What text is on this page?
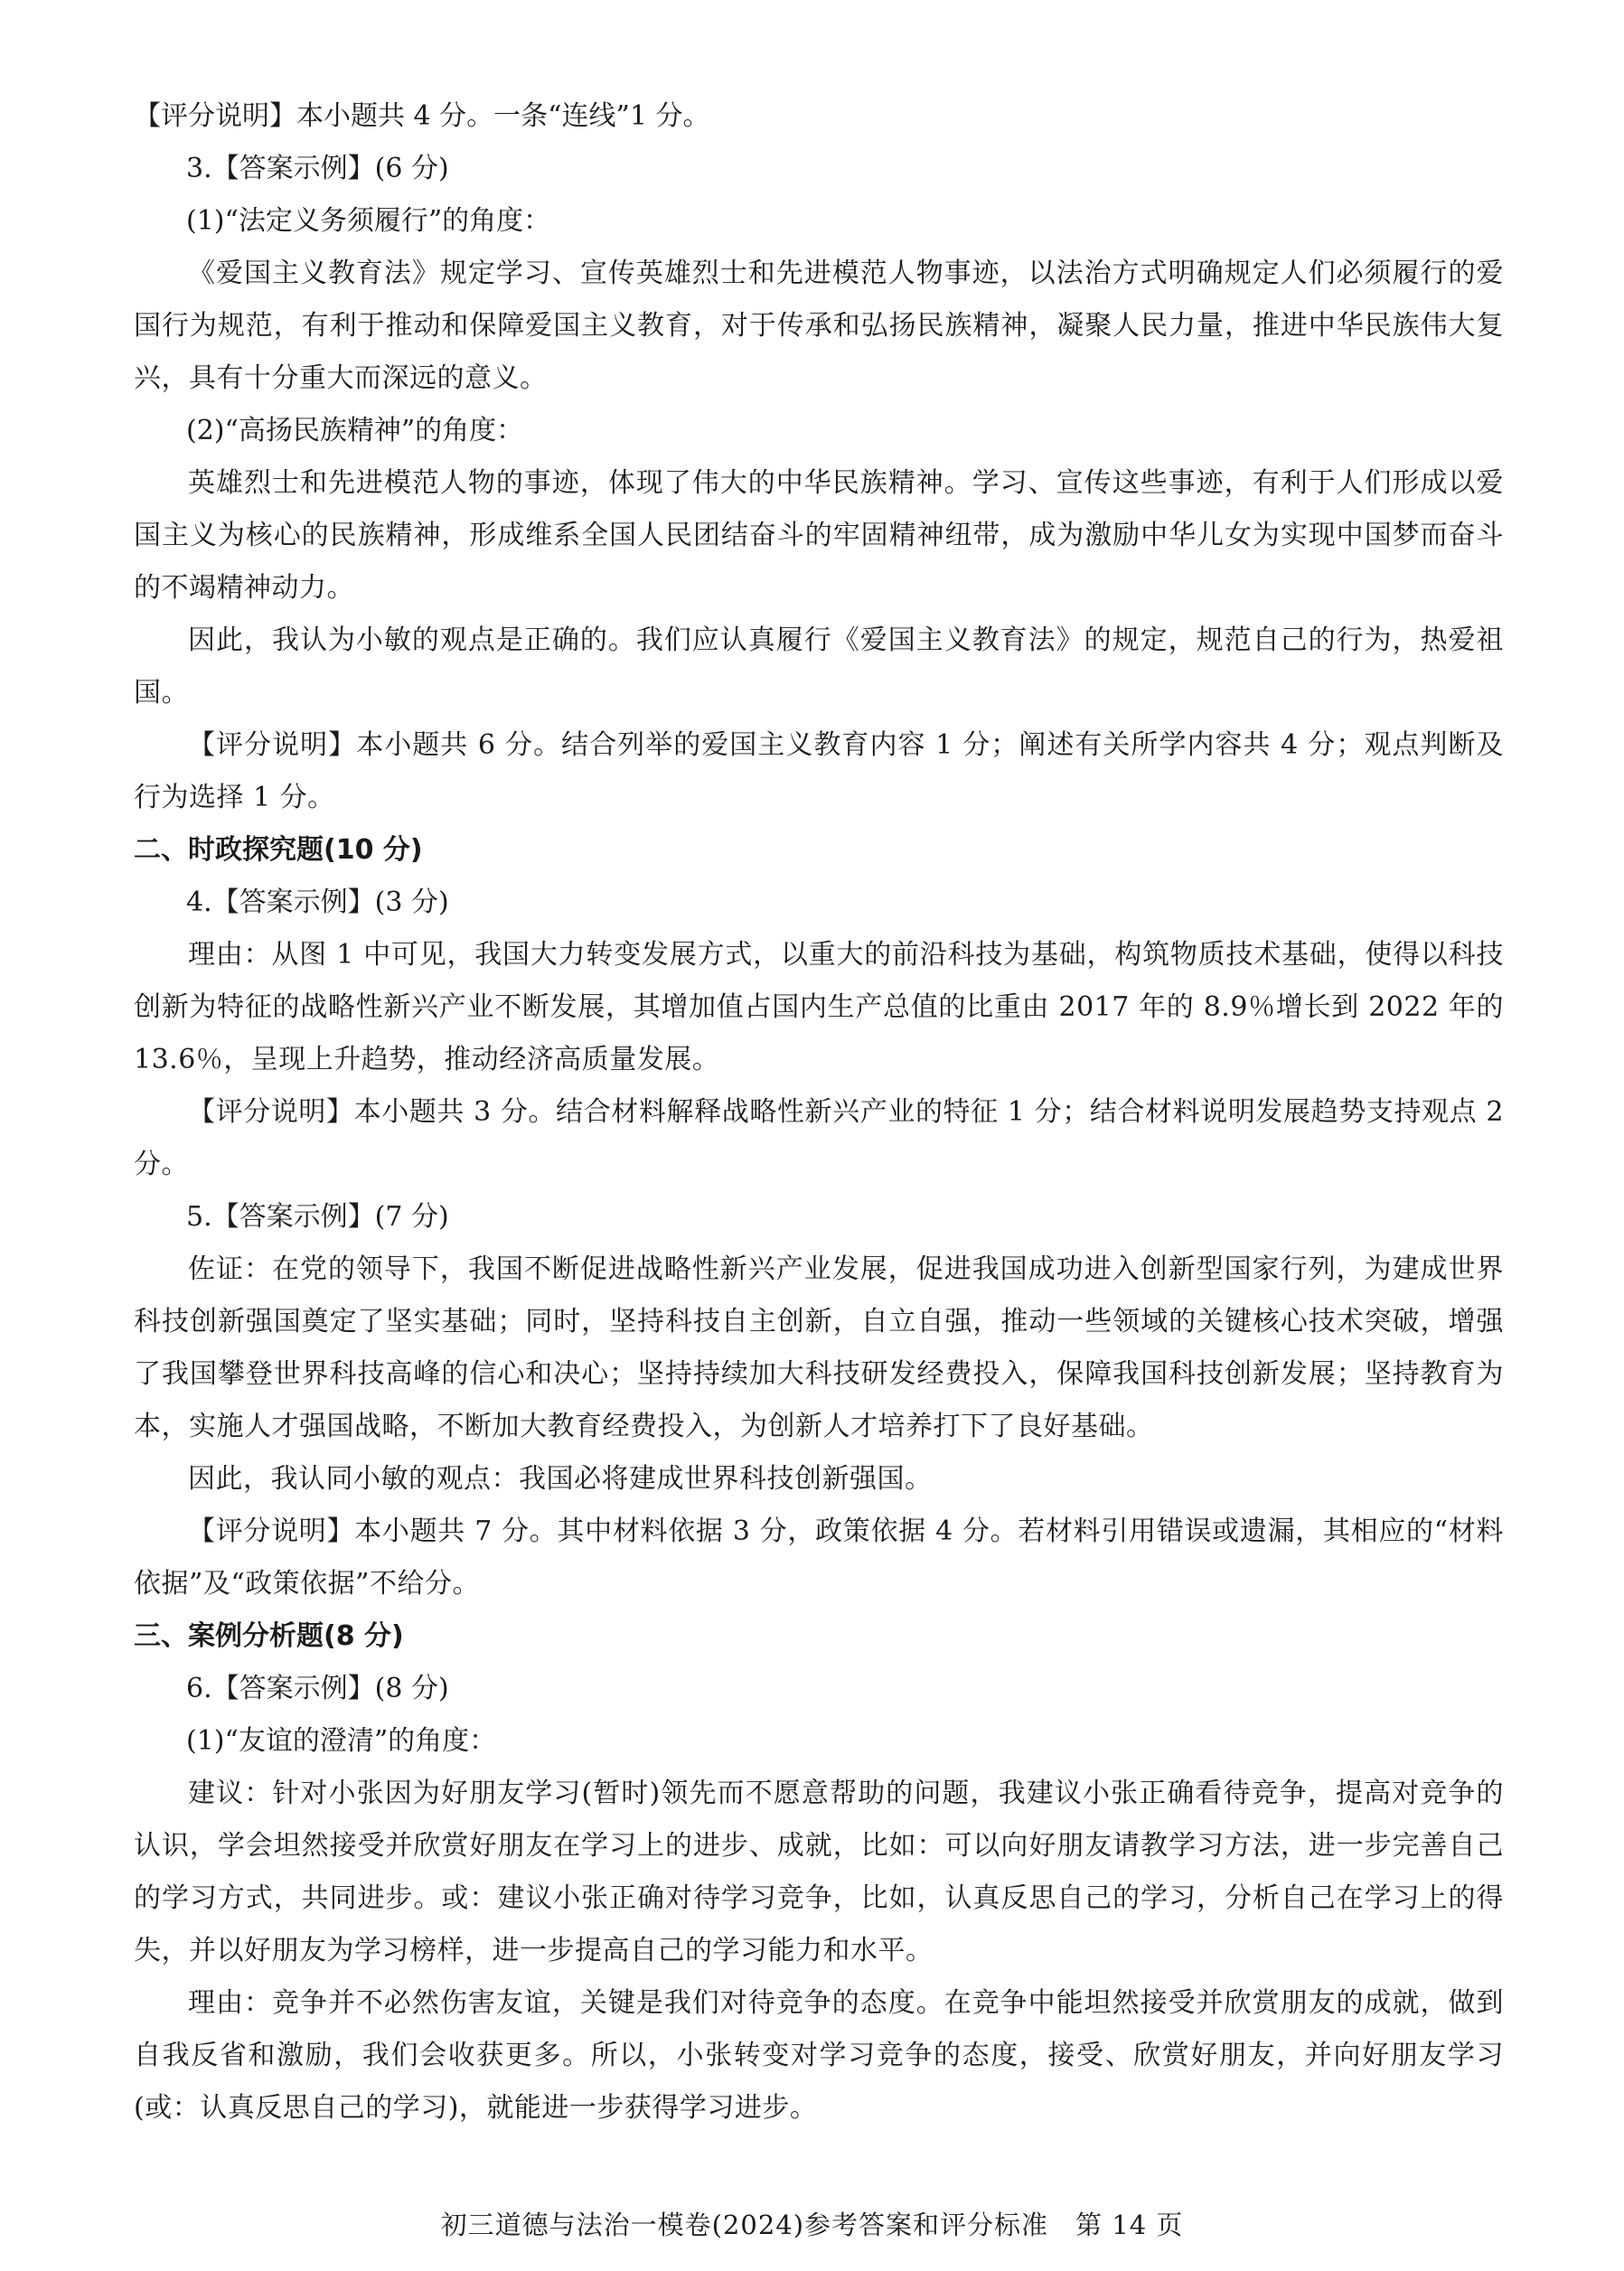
【评分说明】本小题共 4 分。一条“连线”1 分。
3.【答案示例】(6 分)
(1)“法定义务须履行”的角度：
《爱国主义教育法》规定学习、宣传英雄烈士和先进模范人物事迹，以法治方式明确规定人们必须履行的爱国行为规范，有利于推动和保障爱国主义教育，对于传承和弘扬民族精神，凝聚人民力量，推进中华民族伟大复兴，具有十分重大而深远的意义。
(2)“高扬民族精神”的角度：
英雄烈士和先进模范人物的事迹，体现了伟大的中华民族精神。学习、宣传这些事迹，有利于人们形成以爱国主义为核心的民族精神，形成维系全国人民团结奋斗的牢固精神纽带，成为激励中华儿女为实现中国梦而奋斗的不竭精神动力。
因此，我认为小敏的观点是正确的。我们应认真履行《爱国主义教育法》的规定，规范自己的行为，热爱祖国。
【评分说明】本小题共 6 分。结合列举的爱国主义教育内容 1 分；阐述有关所学内容共 4 分；观点判断及行为选择 1 分。
二、时政探究题(10 分)
4.【答案示例】(3 分)
理由：从图 1 中可见，我国大力转变发展方式，以重大的前沿科技为基础，构筑物质技术基础，使得以科技创新为特征的战略性新兴产业不断发展，其增加值占国内生产总值的比重由 2017 年的 8.9％增长到 2022 年的 13.6％，呈现上升趋势，推动经济高质量发展。
【评分说明】本小题共 3 分。结合材料解释战略性新兴产业的特征 1 分；结合材料说明发展趋势支持观点 2 分。
5.【答案示例】(7 分)
佐证：在党的领导下，我国不断促进战略性新兴产业发展，促进我国成功进入创新型国家行列，为建成世界科技创新强国奠定了坚实基础；同时，坚持科技自主创新，自立自强，推动一些领域的关键核心技术突破，增强了我国攀登世界科技高峰的信心和决心；坚持持续加大科技研发经费投入，保障我国科技创新发展；坚持教育为本，实施人才强国战略，不断加大教育经费投入，为创新人才培养打下了良好基础。
因此，我认同小敏的观点：我国必将建成世界科技创新强国。
【评分说明】本小题共 7 分。其中材料依据 3 分，政策依据 4 分。若材料引用错误或遗漏，其相应的“材料依据”及“政策依据”不给分。
三、案例分析题(8 分)
6.【答案示例】(8 分)
(1)“友谊的澄清”的角度：
建议：针对小张因为好朋友学习(暂时)领先而不愿意帮助的问题，我建议小张正确看待竞争，提高对竞争的认识，学会坦然接受并欣赏好朋友在学习上的进步、成就，比如：可以向好朋友请教学习方法，进一步完善自己的学习方式，共同进步。或：建议小张正确对待学习竞争，比如，认真反思自己的学习，分析自己在学习上的得失，并以好朋友为学习榜样，进一步提高自己的学习能力和水平。
理由：竞争并不必然伤害友谊，关键是我们对待竞争的态度。在竞争中能坦然接受并欣赏朋友的成就，做到自我反省和激励，我们会收获更多。所以，小张转变对学习竞争的态度，接受、欣赏好朋友，并向好朋友学习(或：认真反思自己的学习)，就能进一步获得学习进步。
初三道德与法治一模卷(2024)参考答案和评分标准　第 14 页
